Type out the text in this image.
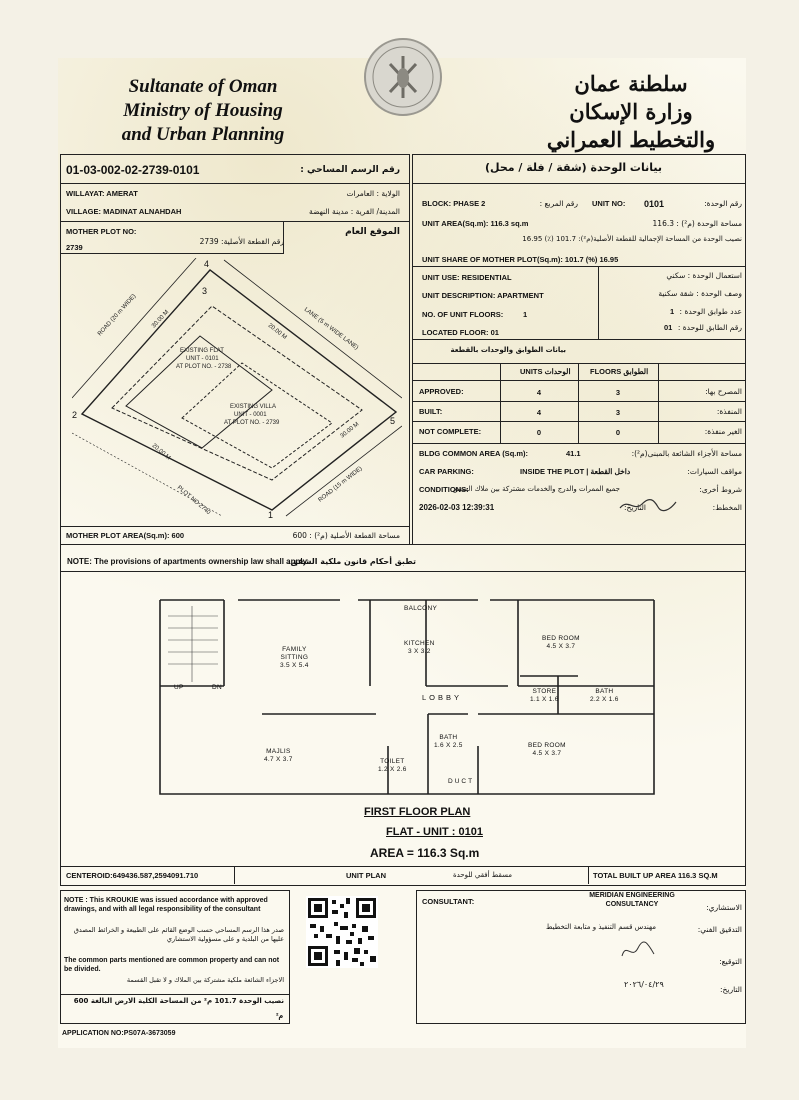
Sultanate of Oman
Ministry of Housing
and Urban Planning
سلطنة عمان
وزارة الإسكان
والتخطيط العمراني
01-03-002-02-2739-0101	رقم الرسم المساحي :
WILLAYAT: AMERAT	الولاية : العامرات
VILLAGE: MADINAT ALNAHDAH	المدينة/ القرية : مدينة النهضة
MOTHER PLOT NO:
2739
رقم القطعة الأصلية: 2739
الموقع العام
ROAD (20 m WIDE)	LANE (5 m WIDE LANE)
ROAD (15 m WIDE)
PLOT NO 2740
EXISTING FLAT
UNIT - 0101
AT PLOT NO. - 2738
EXISTING VILLA
UNIT - 0001
AT PLOT NO. - 2739
30.00 M
20.00 M
30.00 M
20.00 M
2
4
3
5
1
MOTHER PLOT AREA(Sq.m): 600	مساحة القطعة الأصلية (م²) : 600
بيانات الوحدة (شقة / فلة / محل)
BLOCK: PHASE 2	رقم المربع : UNIT NO: 0101	رقم الوحدة:
UNIT AREA(Sq.m): 116.3 sq.m	مساحة الوحدة (م²) : 116.3
نصيب الوحدة من المساحة الإجمالية للقطعة الأصلية(م²): 101.7 (٪) 16.95
UNIT SHARE OF MOTHER PLOT(Sq.m): 101.7 (%) 16.95
UNIT USE: RESIDENTIAL	استعمال الوحدة : سكني
UNIT DESCRIPTION: APARTMENT	وصف الوحدة : شقة سكنية
NO. OF UNIT FLOORS:	1	1 عدد طوابق الوحدة :
LOCATED FLOOR: 01
01 رقم الطابق للوحدة :
بيانات الطوابق والوحدات بالقطعة
UNITS الوحدات	FLOORS الطوابق
APPROVED:	4	3	المصرح بها:
BUILT:	4	3	المنفذة:
NOT COMPLETE:	0	0	الغير منفذة:
BLDG COMMON AREA (Sq.m):	41.1	مساحة الأجزاء الشائعة بالمبنى(م²):
CAR PARKING:	INSIDE THE PLOT | داخل القطعة	مواقف السيارات:
CONDITIONS:
جميع الممرات والدرج والخدمات مشتركة بين ملاك الشقق	شروط أخرى:
2026-02-03 12:39:31	التاريخ:	المخطط:
NOTE: The provisions of apartments ownership law shall apply.
تطبق أحكام قانون ملكية الشقق.
FAMILY
SITTING
3.5 X 5.4
BALCONY
KITCHEN
3 X 3.2
BED ROOM
4.5 X 3.7
LOBBY
STORE
1.1 X 1.6
BATH
2.2 X 1.6
BATH
1.6 X 2.5	BED ROOM
4.5 X 3.7
MAJLIS
4.7 X 3.7	TOILET
1.2 X 2.6
DUCT
UP	DN
FIRST FLOOR PLAN
FLAT - UNIT : 0101
AREA = 116.3 Sq.m
CENTEROID:649436.587,2594091.710	UNIT PLAN	مسقط أفقي للوحدة	TOTAL BUILT UP AREA 116.3 SQ.M
NOTE : This KROUKIE was issued accordance with approved drawings, and with all legal responsibility of the consultant
صدر هذا الرسم المساحي حسب الوضع القائم على الطبيعة و الخرائط المصدق عليها من البلدية و على مسؤولية الاستشاري
The common parts mentioned are common property and can not be divided.
الاجزاء الشائعة ملكية مشتركة بين الملاك و لا تقبل القسمة
نصيب الوحدة 101.7 م² من المساحة الكلية الارض البالغة 600
م²
CONSULTANT:
MERIDIAN ENGINEERING CONSULTANCY	الاستشاري:
التدقيق الفني:
مهندس قسم التنفيذ و متابعة التخطيط
التوقيع:
التاريخ:
٢٠٢٦/٠٤/٢٩
APPLICATION NO:PS07A-3673059
